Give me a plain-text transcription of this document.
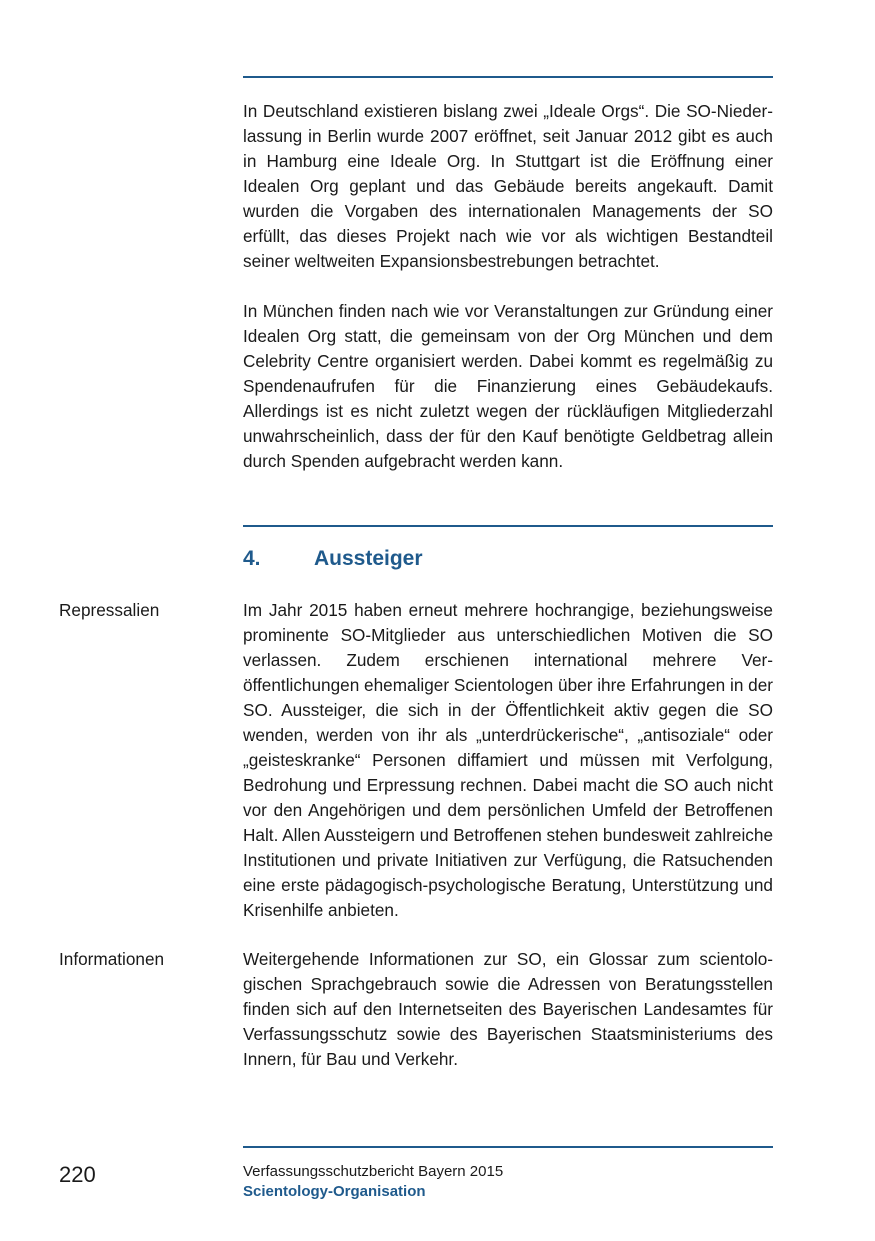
In Deutschland existieren bislang zwei „Ideale Orgs“. Die SO-Niederlassung in Berlin wurde 2007 eröffnet, seit Januar 2012 gibt es auch in Hamburg eine Ideale Org. In Stuttgart ist die Eröffnung einer Idealen Org geplant und das Gebäude bereits angekauft. Damit wurden die Vorgaben des internationalen Managements der SO erfüllt, das dieses Projekt nach wie vor als wichtigen Bestandteil seiner weltweiten Expansionsbestrebungen betrachtet.

In München finden nach wie vor Veranstaltungen zur Gründung einer Idealen Org statt, die gemeinsam von der Org München und dem Celebrity Centre organisiert werden. Dabei kommt es regelmäßig zu Spendenaufrufen für die Finanzierung eines Gebäudekaufs. Allerdings ist es nicht zuletzt wegen der rückläufigen Mitgliederzahl unwahrscheinlich, dass der für den Kauf benötigte Geldbetrag allein durch Spenden aufgebracht werden kann.

4.	Aussteiger

Repressalien	Im Jahr 2015 haben erneut mehrere hochrangige, beziehungsweise prominente SO-Mitglieder aus unterschiedlichen Motiven die SO verlassen. Zudem erschienen international mehrere Veröffentlichungen ehemaliger Scientologen über ihre Erfahrungen in der SO. Aussteiger, die sich in der Öffentlichkeit aktiv gegen die SO wenden, werden von ihr als „unterdrückerische“, „antisoziale“ oder „geisteskranke“ Personen diffamiert und müssen mit Verfolgung, Bedrohung und Erpressung rechnen. Dabei macht die SO auch nicht vor den Angehörigen und dem persönlichen Umfeld der Betroffenen Halt. Allen Aussteigern und Betroffenen stehen bundesweit zahlreiche Institutionen und private Initiativen zur Verfügung, die Ratsuchenden eine erste pädagogisch-psychologische Beratung, Unterstützung und Krisenhilfe anbieten.

Informationen	Weitergehende Informationen zur SO, ein Glossar zum scientologischen Sprachgebrauch sowie die Adressen von Beratungsstellen finden sich auf den Internetseiten des Bayerischen Landesamtes für Verfassungsschutz sowie des Bayerischen Staatsministeriums des Innern, für Bau und Verkehr.

220	Verfassungsschutzbericht Bayern 2015

Scientology-Organisation
